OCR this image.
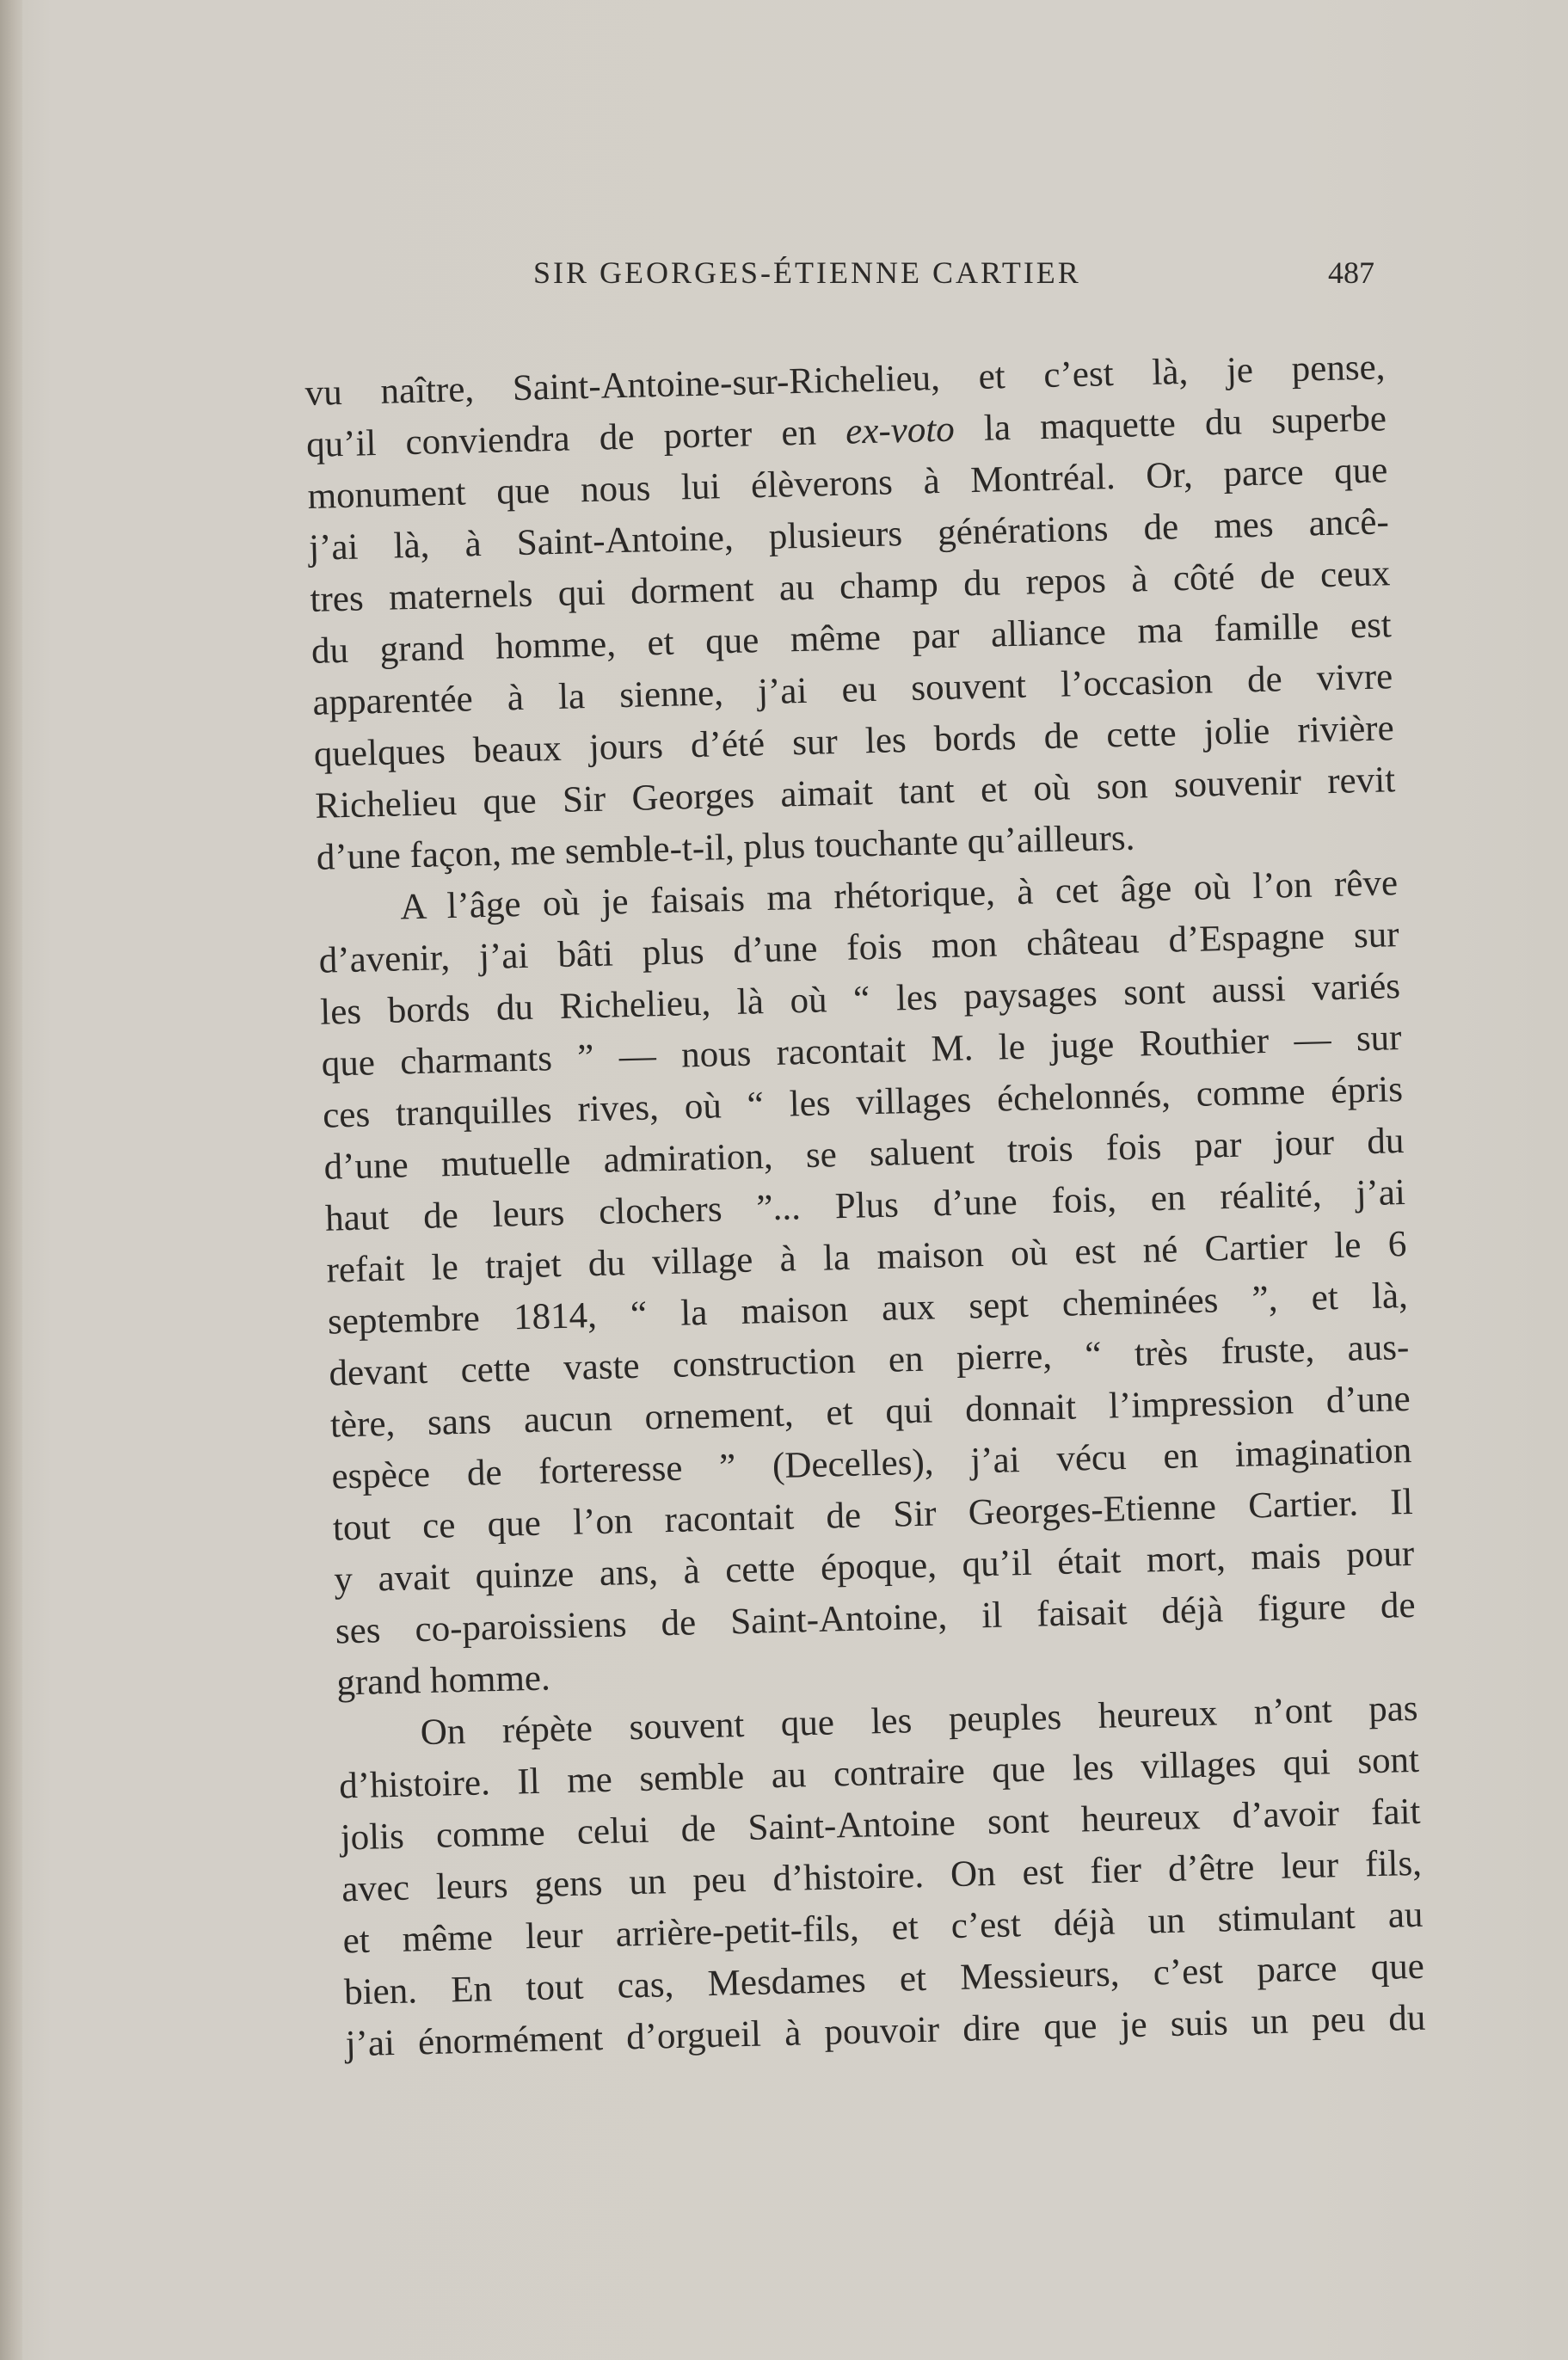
SIR GEORGES-ÉTIENNE CARTIER	487
vu naître, Saint-Antoine-sur-Richelieu, et c’est là, je pense,
qu’il conviendra de porter en ex-voto la maquette du superbe
monument que nous lui élèverons à Montréal. Or, parce que
j’ai là, à Saint-Antoine, plusieurs générations de mes ancê-
tres maternels qui dorment au champ du repos à côté de ceux
du grand homme, et que même par alliance ma famille est
apparentée à la sienne, j’ai eu souvent l’occasion de vivre
quelques beaux jours d’été sur les bords de cette jolie rivière
Richelieu que Sir Georges aimait tant et où son souvenir revit
d’une façon, me semble-t-il, plus touchante qu’ailleurs.
A l’âge où je faisais ma rhétorique, à cet âge où l’on rêve
d’avenir, j’ai bâti plus d’une fois mon château d’Espagne sur
les bords du Richelieu, là où “ les paysages sont aussi variés
que charmants ” — nous racontait M. le juge Routhier — sur
ces tranquilles rives, où “ les villages échelonnés, comme épris
d’une mutuelle admiration, se saluent trois fois par jour du
haut de leurs clochers ”... Plus d’une fois, en réalité, j’ai
refait le trajet du village à la maison où est né Cartier le 6
septembre 1814, “ la maison aux sept cheminées ”, et là,
devant cette vaste construction en pierre, “ très fruste, aus-
tère, sans aucun ornement, et qui donnait l’impression d’une
espèce de forteresse ” (Decelles), j’ai vécu en imagination
tout ce que l’on racontait de Sir Georges-Etienne Cartier. Il
y avait quinze ans, à cette époque, qu’il était mort, mais pour
ses co-paroissiens de Saint-Antoine, il faisait déjà figure de
grand homme.
On répète souvent que les peuples heureux n’ont pas
d’histoire. Il me semble au contraire que les villages qui sont
jolis comme celui de Saint-Antoine sont heureux d’avoir fait
avec leurs gens un peu d’histoire. On est fier d’être leur fils,
et même leur arrière-petit-fils, et c’est déjà un stimulant au
bien. En tout cas, Mesdames et Messieurs, c’est parce que
j’ai énormément d’orgueil à pouvoir dire que je suis un peu du
